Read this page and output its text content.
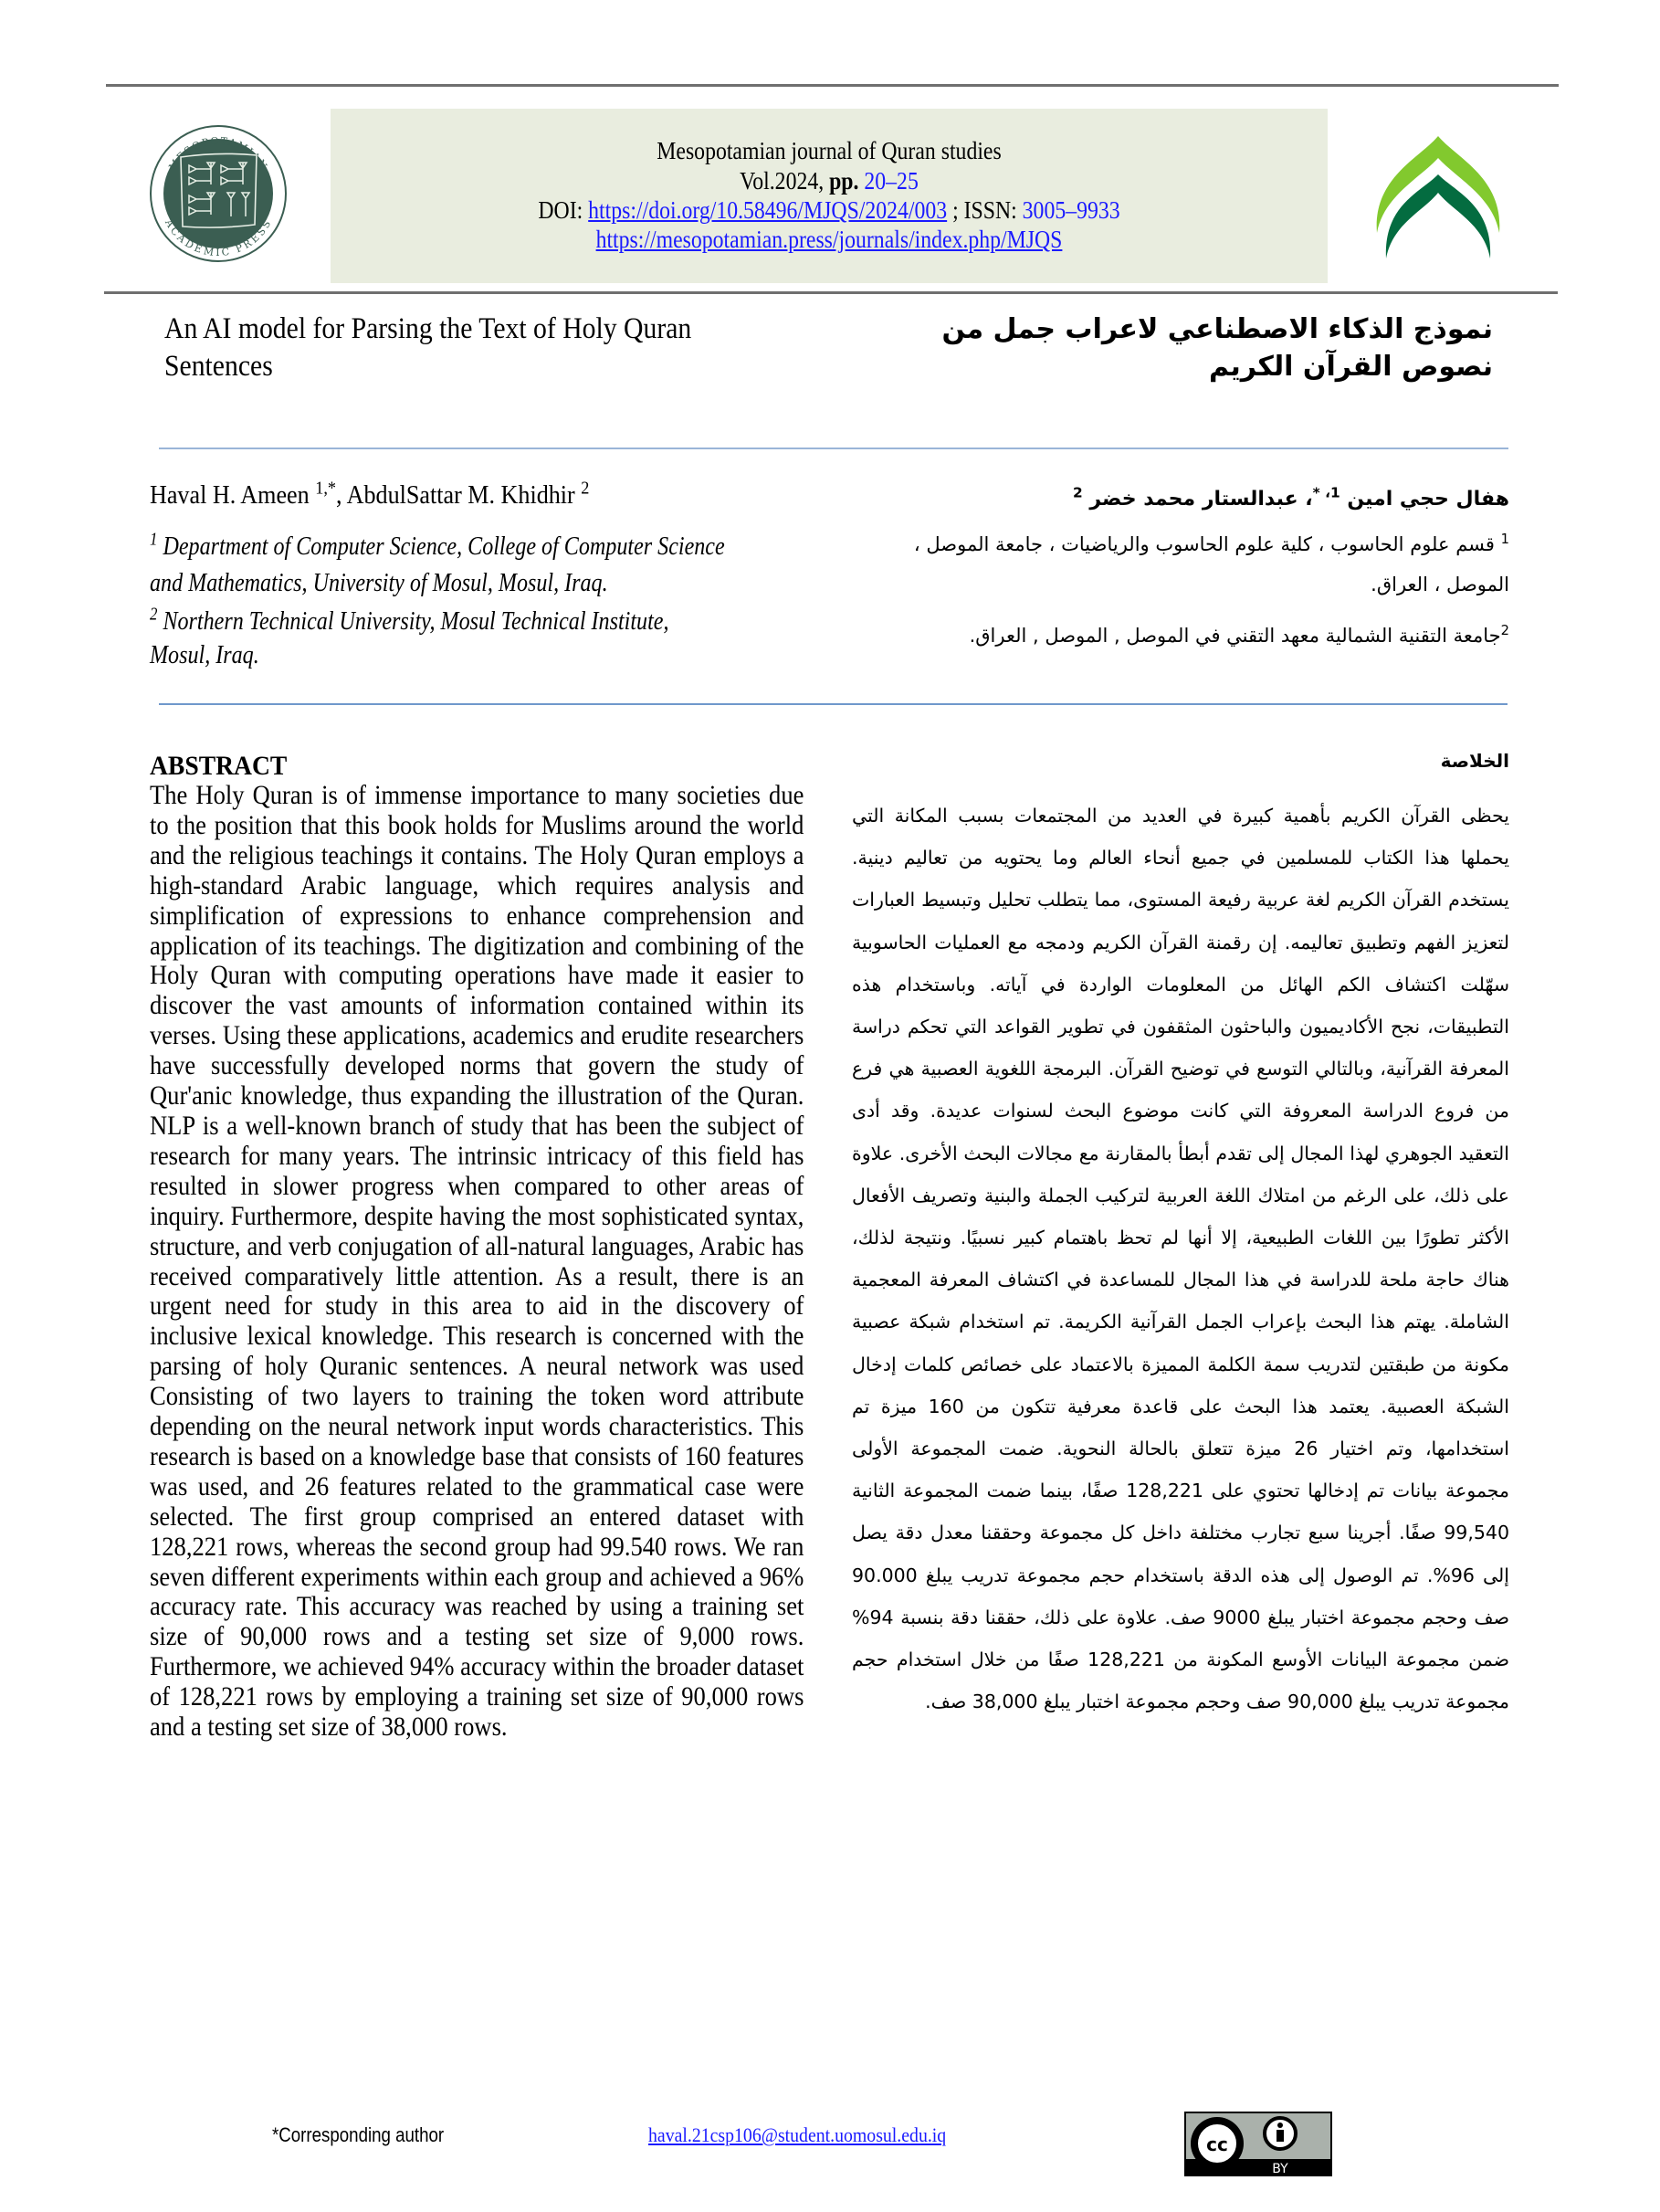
MESOPOTAMIAN
ACADEMIC PRESS
Mesopotamian journal of Quran studies
Vol.2024, pp. 20–25
DOI: https://doi.org/10.58496/MJQS/2024/003 ; ISSN: 3005–9933
https://mesopotamian.press/journals/index.php/MJQS
An AI model for Parsing the Text of Holy Quran Sentences
نموذج الذكاء الاصطناعي لاعراب جمل من نصوص القرآن الكريم
Haval H. Ameen $^{1,*}$, AbdulSattar M. Khidhir $^2$
$^1$ Department of Computer Science, College of Computer Science
and Mathematics, University of Mosul, Mosul, Iraq.
$^2$ Northern Technical University, Mosul Technical Institute,
Mosul, Iraq.
هفال حجي امين $^{1، *}$، عبدالستار محمد خضر $^2$
$^1$ قسم علوم الحاسوب ، كلية علوم الحاسوب والرياضيات ، جامعة الموصل ، الموصل ، العراق.
$^2$جامعة التقنية الشمالية معهد التقني في الموصل , الموصل , العراق.
ABSTRACT
The Holy Quran is of immense importance to many societies due to the position that this book holds for Muslims around the world and the religious teachings it contains. The Holy Quran employs a high-standard Arabic language, which requires analysis and simplification of expressions to enhance comprehension and application of its teachings. The digitization and combining of the Holy Quran with computing operations have made it easier to discover the vast amounts of information contained within its verses. Using these applications, academics and erudite researchers have successfully developed norms that govern the study of Qur'anic knowledge, thus expanding the illustration of the Quran. NLP is a well-known branch of study that has been the subject of research for many years. The intrinsic intricacy of this field has resulted in slower progress when compared to other areas of inquiry. Furthermore, despite having the most sophisticated syntax, structure, and verb conjugation of all-natural languages, Arabic has received comparatively little attention. As a result, there is an urgent need for study in this area to aid in the discovery of inclusive lexical knowledge. This research is concerned with the parsing of holy Quranic sentences. A neural network was used Consisting of two layers to training the token word attribute depending on the neural network input words characteristics. This research is based on a knowledge base that consists of 160 features was used, and 26 features related to the grammatical case were selected. The first group comprised an entered dataset with 128,221 rows, whereas the second group had 99.540 rows. We ran seven different experiments within each group and achieved a 96% accuracy rate. This accuracy was reached by using a training set size of 90,000 rows and a testing set size of 9,000 rows. Furthermore, we achieved 94% accuracy within the broader dataset of 128,221 rows by employing a training set size of 90,000 rows and a testing set size of 38,000 rows.
الخلاصة
يحظى القرآن الكريم بأهمية كبيرة في العديد من المجتمعات بسبب المكانة التي يحملها هذا الكتاب للمسلمين في جميع أنحاء العالم وما يحتويه من تعاليم دينية. يستخدم القرآن الكريم لغة عربية رفيعة المستوى، مما يتطلب تحليل وتبسيط العبارات لتعزيز الفهم وتطبيق تعاليمه. إن رقمنة القرآن الكريم ودمجه مع العمليات الحاسوبية سهّلت اكتشاف الكم الهائل من المعلومات الواردة في آياته. وباستخدام هذه التطبيقات، نجح الأكاديميون والباحثون المثقفون في تطوير القواعد التي تحكم دراسة المعرفة القرآنية، وبالتالي التوسع في توضيح القرآن. البرمجة اللغوية العصبية هي فرع من فروع الدراسة المعروفة التي كانت موضوع البحث لسنوات عديدة. وقد أدى التعقيد الجوهري لهذا المجال إلى تقدم أبطأ بالمقارنة مع مجالات البحث الأخرى. علاوة على ذلك، على الرغم من امتلاك اللغة العربية لتركيب الجملة والبنية وتصريف الأفعال الأكثر تطورًا بين اللغات الطبيعية، إلا أنها لم تحظ باهتمام كبير نسبيًا. ونتيجة لذلك، هناك حاجة ملحة للدراسة في هذا المجال للمساعدة في اكتشاف المعرفة المعجمية الشاملة. يهتم هذا البحث بإعراب الجمل القرآنية الكريمة. تم استخدام شبكة عصبية مكونة من طبقتين لتدريب سمة الكلمة المميزة بالاعتماد على خصائص كلمات إدخال الشبكة العصبية. يعتمد هذا البحث على قاعدة معرفية تتكون من 160 ميزة تم استخدامها، وتم اختيار 26 ميزة تتعلق بالحالة النحوية. ضمت المجموعة الأولى مجموعة بيانات تم إدخالها تحتوي على 128,221 صفًا، بينما ضمت المجموعة الثانية 99,540 صفًا. أجرينا سبع تجارب مختلفة داخل كل مجموعة وحققنا معدل دقة يصل إلى 96%. تم الوصول إلى هذه الدقة باستخدام حجم مجموعة تدريب يبلغ 90.000 صف وحجم مجموعة اختبار يبلغ 9000 صف. علاوة على ذلك، حققنا دقة بنسبة 94% ضمن مجموعة البيانات الأوسع المكونة من 128,221 صفًا من خلال استخدام حجم مجموعة تدريب يبلغ 90,000 صف وحجم مجموعة اختبار يبلغ 38,000 صف.
*Corresponding author	haval.21csp106@student.uomosul.edu.iq	cc
BY
